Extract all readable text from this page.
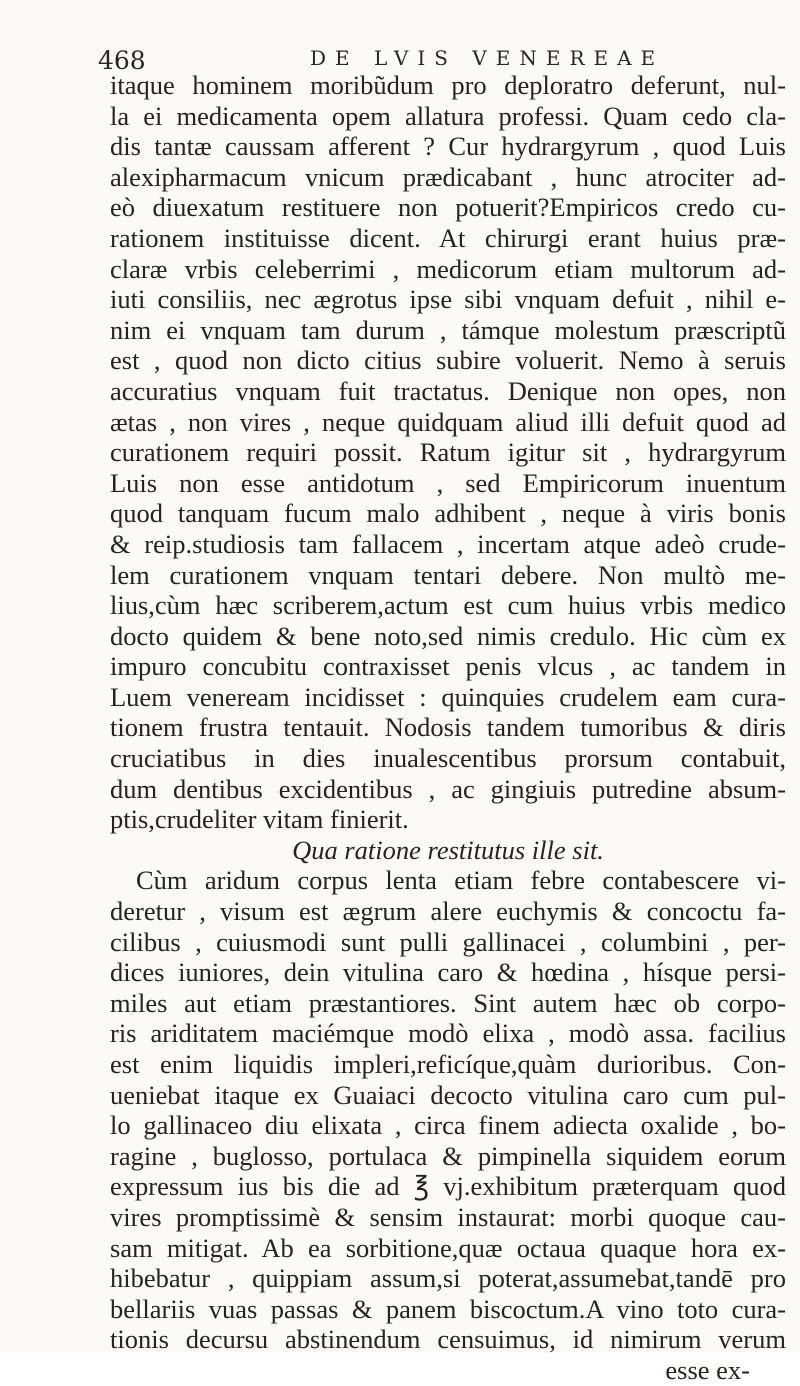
468	DE LVIS VENEREAE
itaque hominem moribũdum pro deploratro deferunt, nul-
la ei medicamenta opem allatura professi. Quam cedo cla-
dis tantæ caussam afferent ? Cur hydrargyrum , quod Luis
alexipharmacum vnicum prædicabant , hunc atrociter ad-
eò diuexatum restituere non potuerit?Empiricos credo cu-
rationem instituisse dicent. At chirurgi erant huius præ-
claræ vrbis celeberrimi , medicorum etiam multorum ad-
iuti consiliis, nec ægrotus ipse sibi vnquam defuit , nihil e-
nim ei vnquam tam durum , támque molestum præscriptũ
est , quod non dicto citius subire voluerit. Nemo à seruis
accuratius vnquam fuit tractatus. Denique non opes, non
ætas , non vires , neque quidquam aliud illi defuit quod ad
curationem requiri possit. Ratum igitur sit , hydrargyrum
Luis non esse antidotum , sed Empiricorum inuentum
quod tanquam fucum malo adhibent , neque à viris bonis
& reip.studiosis tam fallacem , incertam atque adeò crude-
lem curationem vnquam tentari debere. Non multò me-
lius,cùm hæc scriberem,actum est cum huius vrbis medico
docto quidem & bene noto,sed nimis credulo. Hic cùm ex
impuro concubitu contraxisset penis vlcus , ac tandem in
Luem veneream incidisset : quinquies crudelem eam cura-
tionem frustra tentauit. Nodosis tandem tumoribus & diris
cruciatibus in dies inualescentibus prorsum contabuit,
dum dentibus excidentibus , ac gingiuis putredine absum-
ptis,crudeliter vitam finierit.
Qua ratione restitutus ille sit.
Cùm aridum corpus lenta etiam febre contabescere vi-
deretur , visum est ægrum alere euchymis & concoctu fa-
cilibus , cuiusmodi sunt pulli gallinacei , columbini , per-
dices iuniores, dein vitulina caro & hœdina , hísque persi-
miles aut etiam præstantiores. Sint autem hæc ob corpo-
ris ariditatem maciémque modò elixa , modò assa. facilius
est enim liquidis impleri,reficíque,quàm durioribus. Con-
ueniebat itaque ex Guaiaci decocto vitulina caro cum pul-
lo gallinaceo diu elixata , circa finem adiecta oxalide , bo-
ragine , buglosso, portulaca & pimpinella siquidem eorum
expressum ius bis die ad ℥ vj.exhibitum præterquam quod
vires promptissimè & sensim instaurat: morbi quoque cau-
sam mitigat. Ab ea sorbitione,quæ octaua quaque hora ex-
hibebatur , quippiam assum,si poterat,assumebat,tandē pro
bellariis vuas passas & panem biscoctum.A vino toto cura-
tionis decursu abstinendum censuimus, id nimirum verum
esse ex-
